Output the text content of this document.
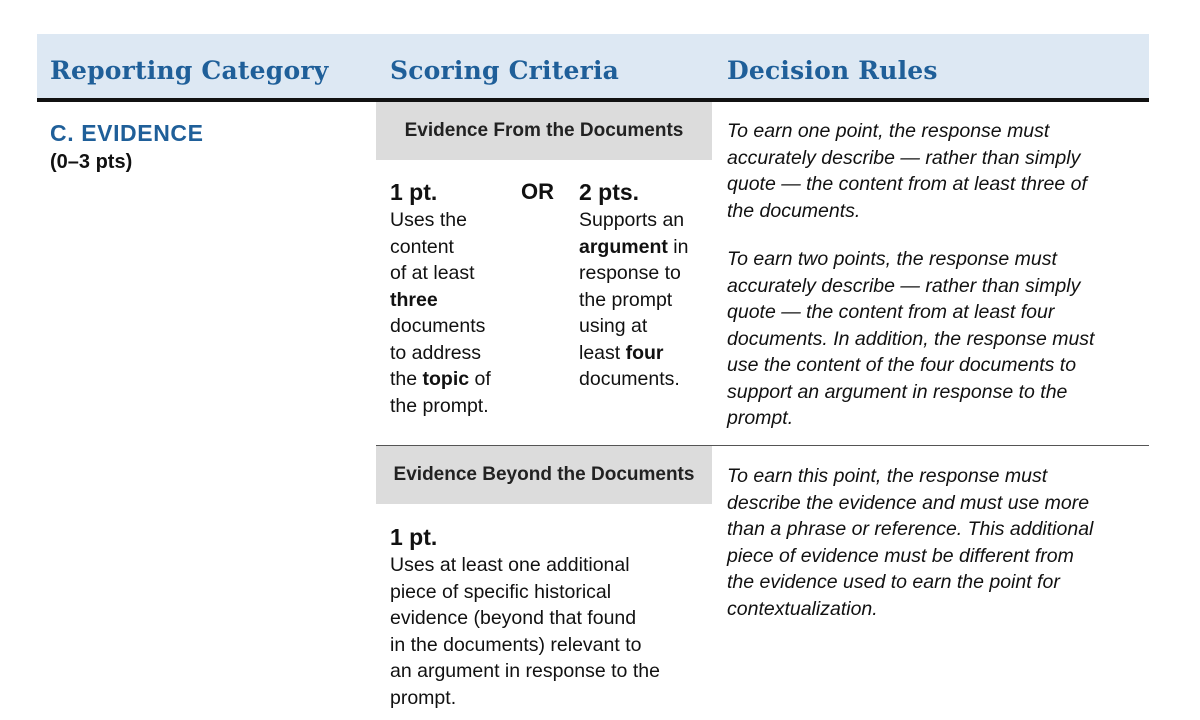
Reporting Category Scoring Criteria	Decision Rules
C. EVIDENCE
(0–3 pts)
Evidence From the Documents
1 pt.
Uses the
content
of at least
three
documents
to address
the topic of
the prompt.
OR 2 pts.
Supports an
argument in
response to
the prompt
using at
least four
documents.
To earn one point, the response must
accurately describe — rather than simply
quote — the content from at least three of
the documents.
To earn two points, the response must
accurately describe — rather than simply
quote — the content from at least four
documents. In addition, the response must
use the content of the four documents to
support an argument in response to the
prompt.
Evidence Beyond the Documents
1 pt.
Uses at least one additional
piece of specific historical
evidence (beyond that found
in the documents) relevant to
an argument in response to the
prompt.
To earn this point, the response must
describe the evidence and must use more
than a phrase or reference. This additional
piece of evidence must be different from
the evidence used to earn the point for
contextualization.
